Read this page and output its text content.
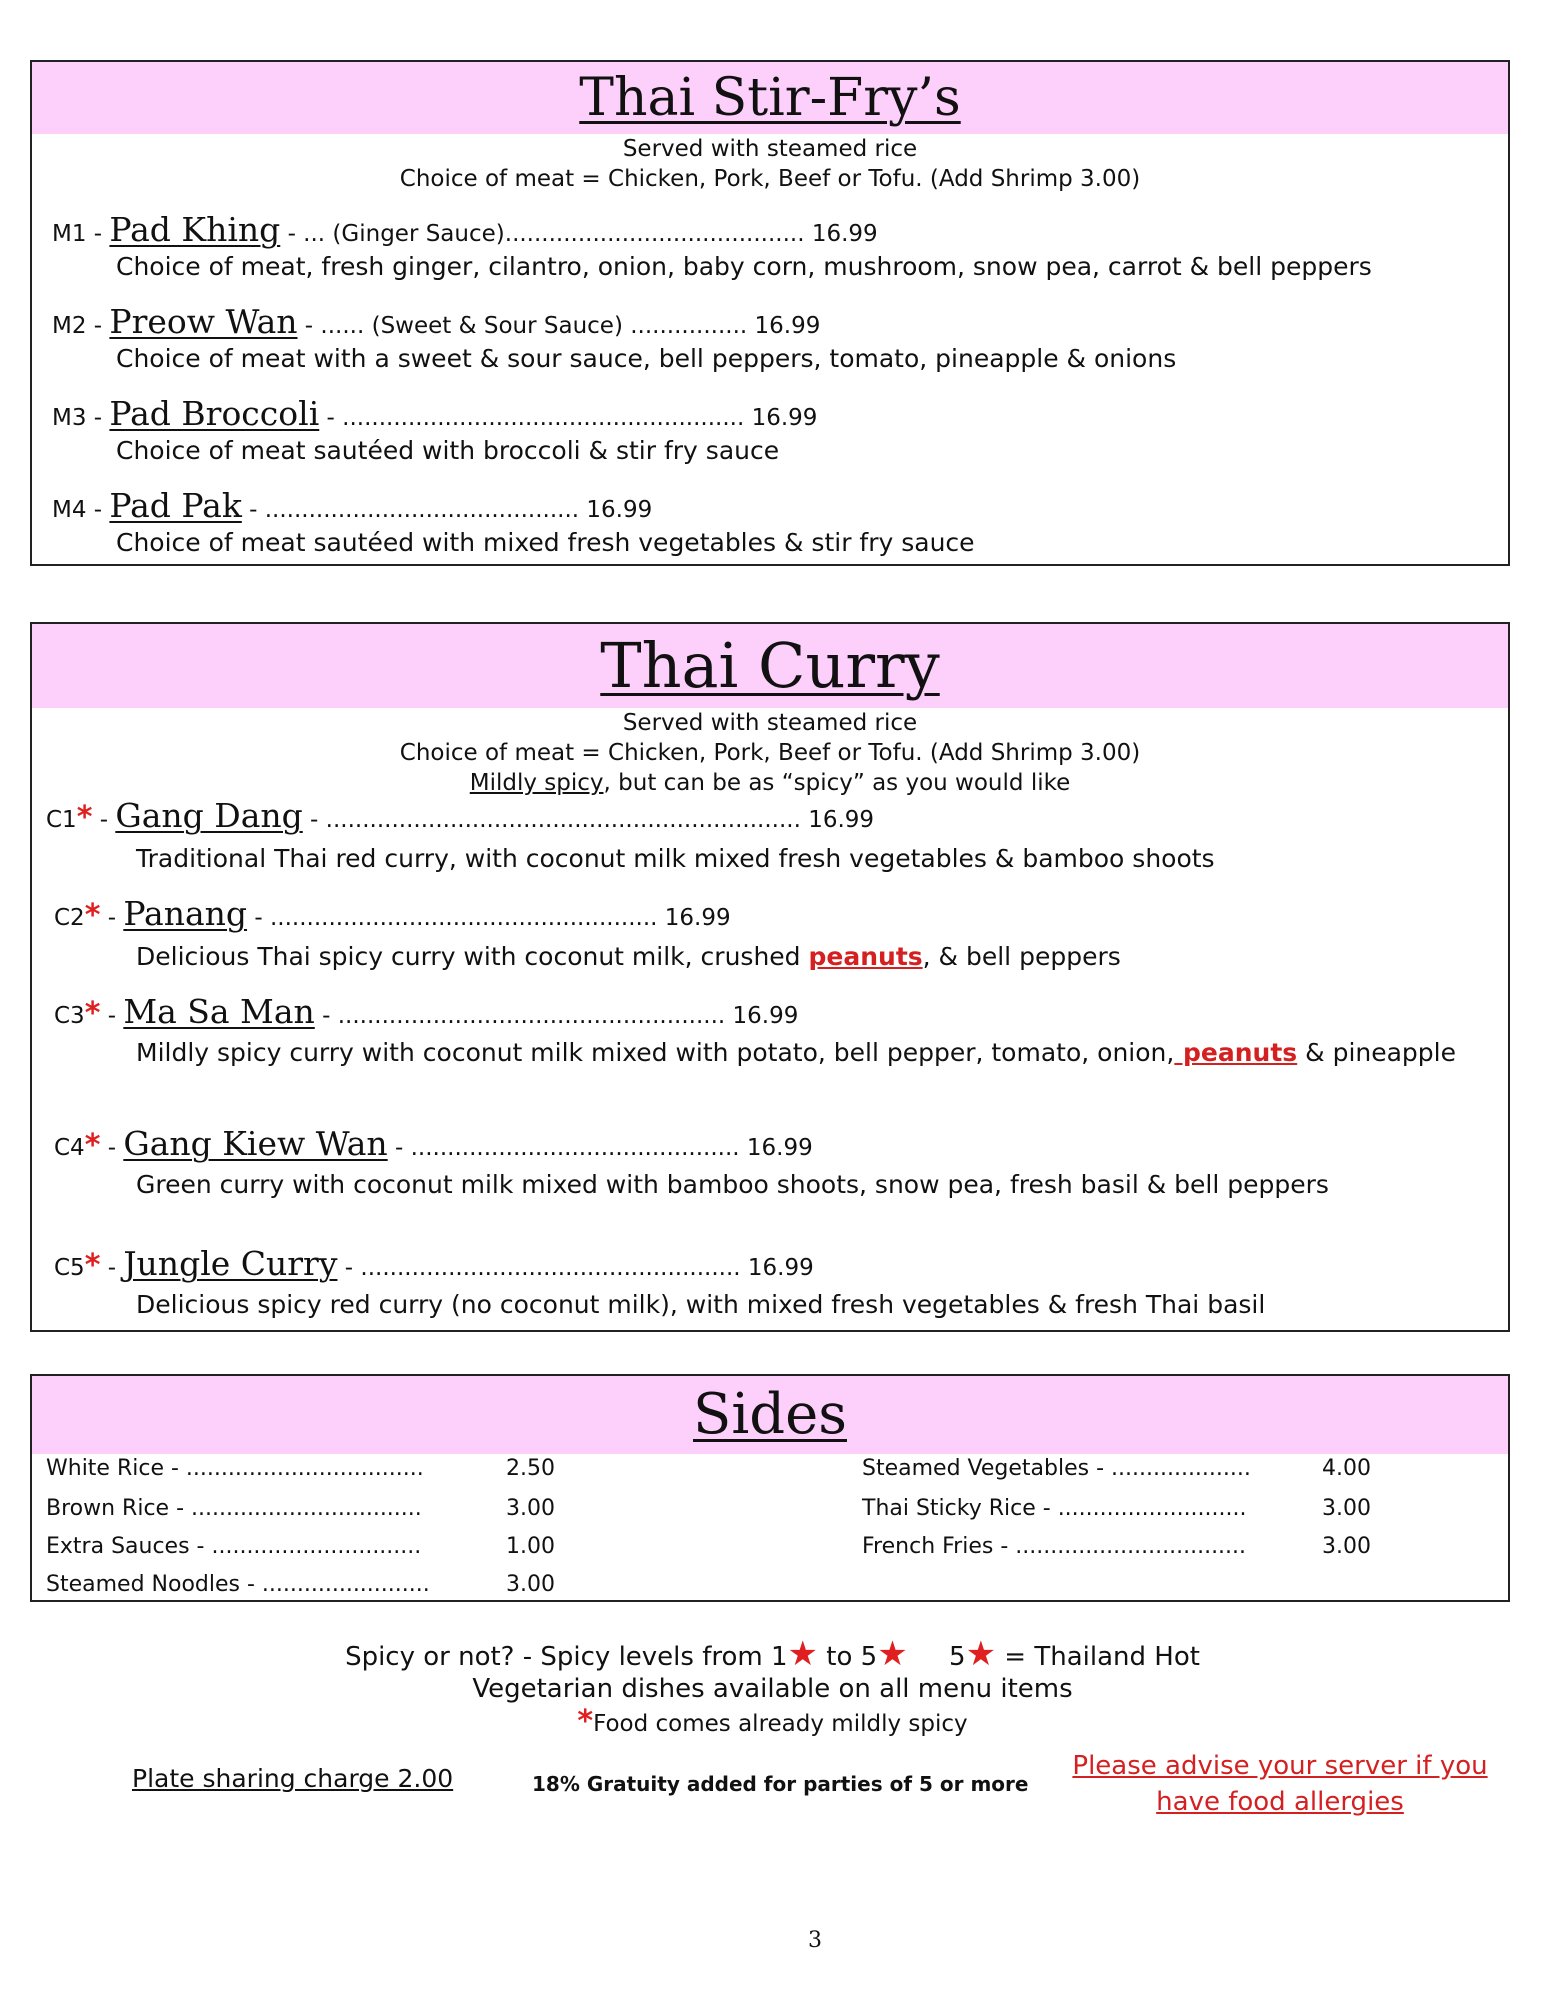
Thai Stir-Fry’s
Served with steamed rice
Choice of meat = Chicken, Pork, Beef or Tofu. (Add Shrimp 3.00)
M1 - Pad Khing - ... (Ginger Sauce)......................................... 16.99
Choice of meat, fresh ginger, cilantro, onion, baby corn, mushroom, snow pea, carrot & bell peppers
M2 - Preow Wan - ...... (Sweet & Sour Sauce) ................ 16.99
Choice of meat with a sweet & sour sauce, bell peppers, tomato, pineapple & onions
M3 - Pad Broccoli - ....................................................... 16.99
Choice of meat sautéed with broccoli & stir fry sauce
M4 - Pad Pak - ........................................... 16.99
Choice of meat sautéed with mixed fresh vegetables & stir fry sauce
Thai Curry
Served with steamed rice
Choice of meat = Chicken, Pork, Beef or Tofu. (Add Shrimp 3.00)
Mildly spicy, but can be as “spicy” as you would like
C1* - Gang Dang - ................................................................. 16.99
Traditional Thai red curry, with coconut milk mixed fresh vegetables & bamboo shoots
C2* - Panang - ..................................................... 16.99
Delicious Thai spicy curry with coconut milk, crushed peanuts, & bell peppers
C3* - Ma Sa Man - ..................................................... 16.99
Mildly spicy curry with coconut milk mixed with potato, bell pepper, tomato, onion, peanuts & pineapple
C4* - Gang Kiew Wan - ............................................. 16.99
Green curry with coconut milk mixed with bamboo shoots, snow pea, fresh basil & bell peppers
C5* - Jungle Curry - .................................................... 16.99
Delicious spicy red curry (no coconut milk), with mixed fresh vegetables & fresh Thai basil
Sides
White Rice - ..................................	2.50
Brown Rice - .................................	3.00
Extra Sauces - ..............................	1.00
Steamed Noodles - ........................	3.00
Steamed Vegetables - ....................	4.00
Thai Sticky Rice - ...........................	3.00
French Fries - .................................	3.00
Spicy or not? - Spicy levels from 1★ to 5★     5★ = Thailand Hot
Vegetarian dishes available on all menu items
*Food comes already mildly spicy
Plate sharing charge 2.00	18% Gratuity added for parties of 5 or more
Please advise your server if you have food allergies
3
